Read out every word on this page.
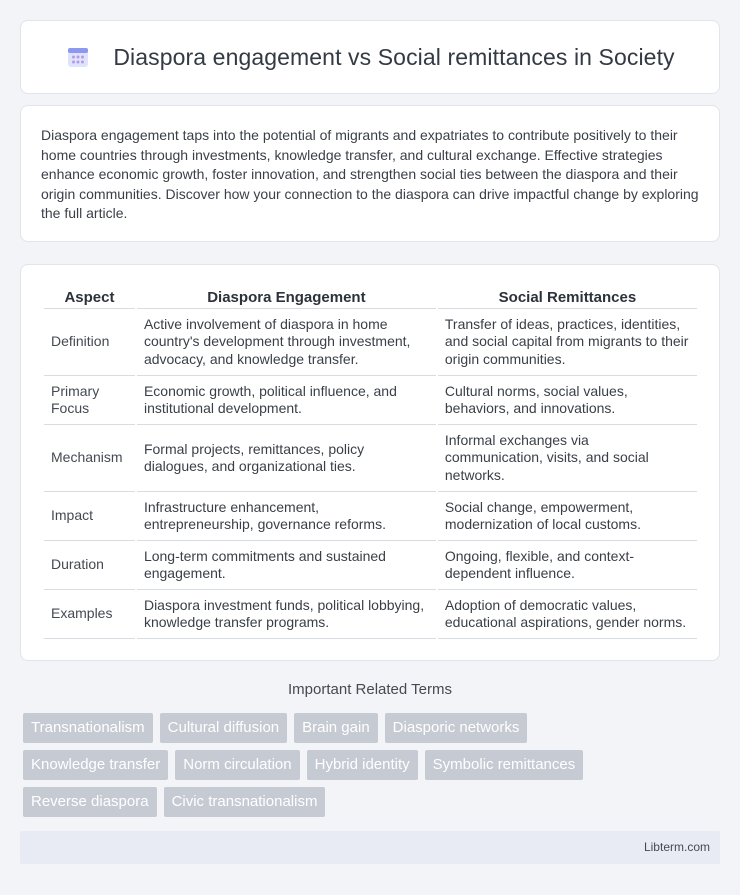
Diaspora engagement vs Social remittances in Society

Diaspora engagement taps into the potential of migrants and expatriates to contribute positively to their home countries through investments, knowledge transfer, and cultural exchange. Effective strategies enhance economic growth, foster innovation, and strengthen social ties between the diaspora and their origin communities. Discover how your connection to the diaspora can drive impactful change by exploring the full article.

Aspect	Diaspora Engagement	Social Remittances
Definition	Active involvement of diaspora in home country's development through investment, advocacy, and knowledge transfer.	Transfer of ideas, practices, identities, and social capital from migrants to their origin communities.
Primary Focus	Economic growth, political influence, and institutional development.	Cultural norms, social values, behaviors, and innovations.
Mechanism	Formal projects, remittances, policy dialogues, and organizational ties.	Informal exchanges via communication, visits, and social networks.
Impact	Infrastructure enhancement, entrepreneurship, governance reforms.	Social change, empowerment, modernization of local customs.
Duration	Long-term commitments and sustained engagement.	Ongoing, flexible, and context-dependent influence.
Examples	Diaspora investment funds, political lobbying, knowledge transfer programs.	Adoption of democratic values, educational aspirations, gender norms.
Important Related Terms
Transnationalism	Cultural diffusion	Brain gain	Diasporic networks
Knowledge transfer	Norm circulation	Hybrid identity	Symbolic remittances
Reverse diaspora	Civic transnationalism
Libterm.com
